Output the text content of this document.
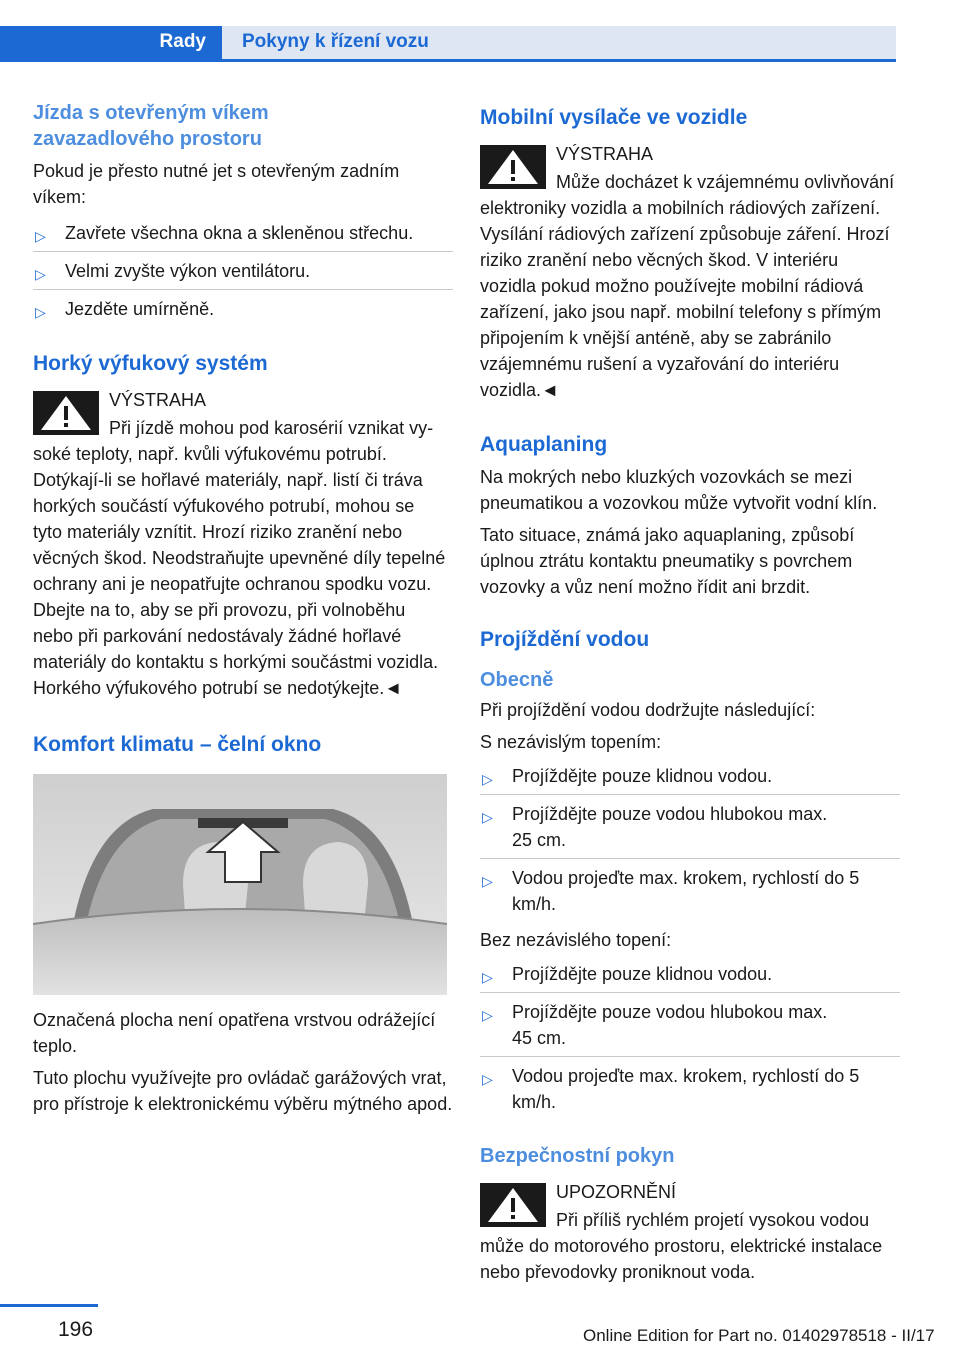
Rady Pokyny k řízení vozu
Jízda s otevřeným víkem zavazadlového prostoru

Pokud je přesto nutné jet s otevřeným zadním víkem:

▷ Zavřete všechna okna a skleněnou střechu.
▷ Velmi zvyšte výkon ventilátoru.
▷ Jezděte umírněně.
Horký výfukový systém

VÝSTRAHA

Při jízdě mohou pod karosérií vznikat vysoké teploty, např. kvůli výfukovému potrubí. Dotýkají-li se hořlavé materiály, např. listí či tráva horkých součástí výfukového potrubí, mohou se tyto materiály vznítit. Hrozí riziko zranění nebo věcných škod. Neodstraňujte upevněné díly tepelné ochrany ani je neopatřujte ochranou spodku vozu. Dbejte na to, aby se při provozu, při volnoběhu nebo při parkování nedostávaly žádné hořlavé materiály do kontaktu s horkými součástmi vozidla. Horkého výfukového potrubí se nedotýkejte.◄

Komfort klimatu – čelní okno

Označená plocha není opatřena vrstvou odrážející teplo.

Tuto plochu využívejte pro ovládač garážových vrat, pro přístroje k elektronickému výběru mýtného apod.

Mobilní vysílače ve vozidle

VÝSTRAHA

Může docházet k vzájemnému ovlivňování elektroniky vozidla a mobilních rádiových zařízení. Vysílání rádiových zařízení způsobuje záření. Hrozí riziko zranění nebo věcných škod. V interiéru vozidla pokud možno používejte mobilní rádiová zařízení, jako jsou např. mobilní telefony s přímým připojením k vnější anténě, aby se zabránilo vzájemnému rušení a vyzařování do interiéru vozidla.◄

Aquaplaning

Na mokrých nebo kluzkých vozovkách se mezi pneumatikou a vozovkou může vytvořit vodní klín.

Tato situace, známá jako aquaplaning, způsobí úplnou ztrátu kontaktu pneumatiky s povrchem vozovky a vůz není možno řídit ani brzdit.

Projíždění vodou
Obecně

Při projíždění vodou dodržujte následující:

S nezávislým topením:

▷ Projíždějte pouze klidnou vodou.
▷ Projíždějte pouze vodou hlubokou max. 25 cm.
▷ Vodou projeďte max. krokem, rychlostí do 5 km/h.

Bez nezávislého topení:

▷ Projíždějte pouze klidnou vodou.
▷ Projíždějte pouze vodou hlubokou max. 45 cm.
▷ Vodou projeďte max. krokem, rychlostí do 5 km/h.
Bezpečnostní pokyn

UPOZORNĚNÍ

Při příliš rychlém projetí vysokou vodou může do motorového prostoru, elektrické instalace nebo převodovky proniknout voda.

196	Online Edition for Part no. 01402978518 - II/17
